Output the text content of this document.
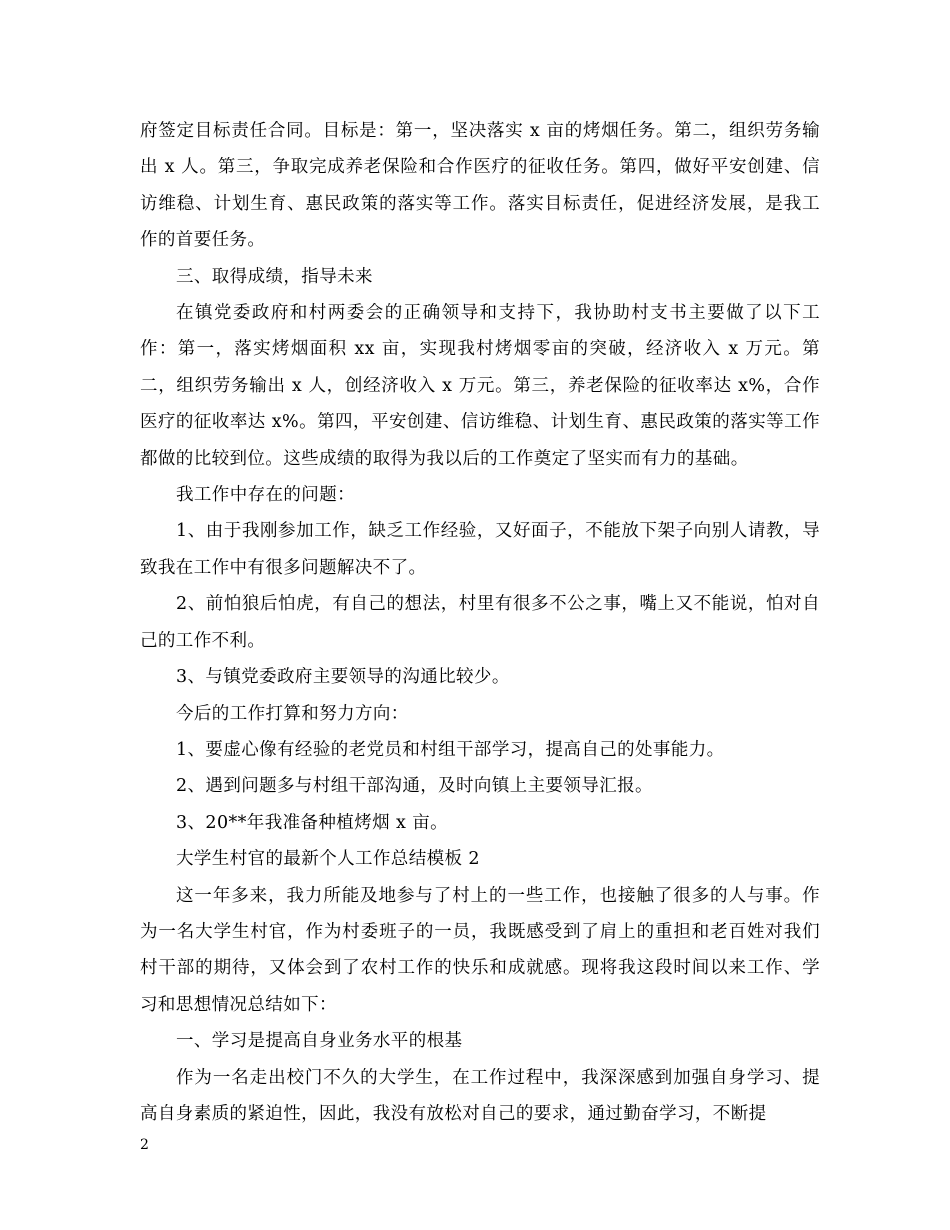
府签定目标责任合同。目标是：第一，坚决落实 x 亩的烤烟任务。第二，组织劳务输出 x 人。第三，争取完成养老保险和合作医疗的征收任务。第四，做好平安创建、信访维稳、计划生育、惠民政策的落实等工作。落实目标责任，促进经济发展，是我工作的首要任务。

三、取得成绩，指导未来

在镇党委政府和村两委会的正确领导和支持下，我协助村支书主要做了以下工作：第一，落实烤烟面积 xx 亩，实现我村烤烟零亩的突破，经济收入 x 万元。第二，组织劳务输出 x 人，创经济收入 x 万元。第三，养老保险的征收率达 x%，合作医疗的征收率达 x%。第四，平安创建、信访维稳、计划生育、惠民政策的落实等工作都做的比较到位。这些成绩的取得为我以后的工作奠定了坚实而有力的基础。

我工作中存在的问题：

1、由于我刚参加工作，缺乏工作经验，又好面子，不能放下架子向别人请教，导致我在工作中有很多问题解决不了。

2、前怕狼后怕虎，有自己的想法，村里有很多不公之事，嘴上又不能说，怕对自己的工作不利。

3、与镇党委政府主要领导的沟通比较少。

今后的工作打算和努力方向：

1、要虚心像有经验的老党员和村组干部学习，提高自己的处事能力。

2、遇到问题多与村组干部沟通，及时向镇上主要领导汇报。

3、20**年我准备种植烤烟 x 亩。

大学生村官的最新个人工作总结模板 2

这一年多来，我力所能及地参与了村上的一些工作，也接触了很多的人与事。作为一名大学生村官，作为村委班子的一员，我既感受到了肩上的重担和老百姓对我们村干部的期待，又体会到了农村工作的快乐和成就感。现将我这段时间以来工作、学习和思想情况总结如下：

一、学习是提高自身业务水平的根基

作为一名走出校门不久的大学生，在工作过程中，我深深感到加强自身学习、提高自身素质的紧迫性，因此，我没有放松对自己的要求，通过勤奋学习，不断提

2
